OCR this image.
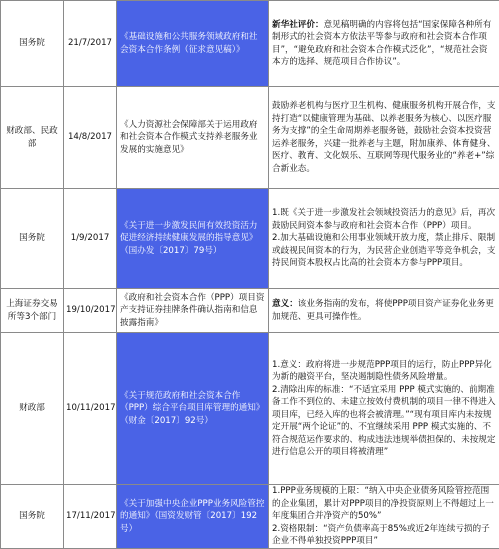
国务院	21/7/2017	《基础设施和公共服务领域政府和社会资本合作条例（征求意见稿）》	新华社评价：意见稿明确的内容将包括“国家保障各种所有制形式的社会资本方依法平等参与政府和社会资本合作项目”，“避免政府和社会资本合作模式泛化”，“规范社会资本方的选择、规范项目合作协议”。
财政部、民政部	14/8/2017	《人力资源社会保障部关于运用政府和社会资本合作模式支持养老服务业发展的实施意见》	鼓励养老机构与医疗卫生机构、健康服务机构开展合作，支持打造“以健康管理为基础、以养老服务为核心、以医疗服务为支撑”的全生命周期养老服务链，鼓励社会资本投资营运养老服务，兴建一批养老与主题，附加康养、体育健身、医疗、教育、文化娱乐、互联网等现代服务业的“养老+”综合新业态。
国务院	1/9/2017	《关于进一步激发民间有效投资活力促进经济持续健康发展的指导意见》（国办发〔2017〕79号）	1.既《关于进一步激发社会领域投资活力的意见》后，再次鼓励民间资本参与政府和社会资本合作（PPP）项目。
2.加大基础设施和公用事业领域开放力度，禁止排斥、限制或歧视民间资本的行为，为民营企业创造平等竞争机会，支持民间资本股权占比高的社会资本方参与PPP项目。
上海证券交易所等3个部门	19/10/2017	《政府和社会资本合作（PPP）项目资产支持证券挂牌条件确认指南和信息披露指南》	意义：该业务指南的发布，将使PPP项目资产证券化业务更加规范、更具可操作性。
财政部	10/11/2017	《关于规范政府和社会资本合作（PPP）综合平台项目库管理的通知》（财金〔2017〕92号）	1.意义：政府将进一步规范PPP项目的运行，防止PPP异化为新的融资平台，坚决遏制隐性债务风险增量。
2.清除出库的标准：“不适宜采用 PPP 模式实施的、前期准备工作不到位的、未建立按效付费机制的项目一律不得进入项目库，已经入库的也将会被清理。”“现有项目库内未按规定开展“两个论证”的、不宜继续采用 PPP 模式实施的、不符合规范运作要求的、构成违法违规举债担保的、未按规定进行信息公开的项目将被清理”
国务院	17/11/2017	《关于加强中央企业PPP业务风险管控的通知》（国资发财管〔2017〕192号）	1.PPP业务规模的上限：“纳入中央企业债务风险管控范围的企业集团，累计对PPP项目的净投资原则上不得超过上一年度集团合并净资产的50%”
2.资格限制：“资产负债率高于85%或近2年连续亏损的子企业不得单独投资PPP项目”
